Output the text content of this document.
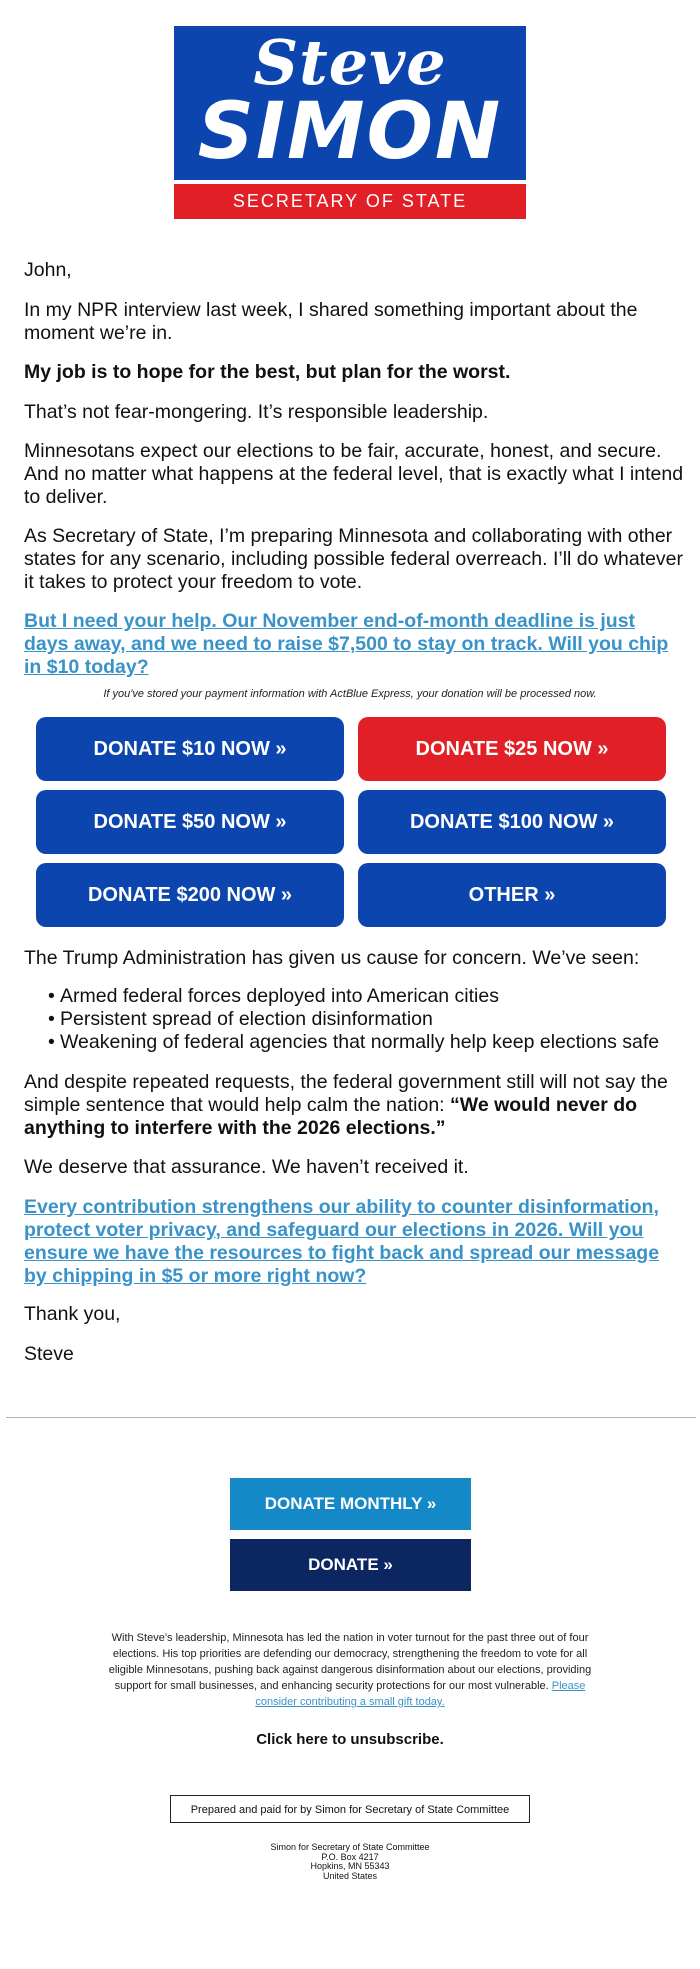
Steve
SIMON
SECRETARY OF STATE

John,

In my NPR interview last week, I shared something important about the moment we’re in.

My job is to hope for the best, but plan for the worst.

That’s not fear-mongering. It’s responsible leadership.

Minnesotans expect our elections to be fair, accurate, honest, and secure. And no matter what happens at the federal level, that is exactly what I intend to deliver.

As Secretary of State, I’m preparing Minnesota and collaborating with other states for any scenario, including possible federal overreach. I’ll do whatever it takes to protect your freedom to vote.

But I need your help. Our November end-of-month deadline is just days away, and we need to raise $7,500 to stay on track. Will you chip in $10 today?

If you've stored your payment information with ActBlue Express, your donation will be processed now.
DONATE $10 NOW »	DONATE $25 NOW »
DONATE $50 NOW »	DONATE $100 NOW »
DONATE $200 NOW »	OTHER »

The Trump Administration has given us cause for concern. We’ve seen:

• Armed federal forces deployed into American cities
• Persistent spread of election disinformation
• Weakening of federal agencies that normally help keep elections safe

And despite repeated requests, the federal government still will not say the simple sentence that would help calm the nation: “We would never do anything to interfere with the 2026 elections.”

We deserve that assurance. We haven’t received it.

Every contribution strengthens our ability to counter disinformation, protect voter privacy, and safeguard our elections in 2026. Will you ensure we have the resources to fight back and spread our message by chipping in $5 or more right now?

Thank you,

Steve

DONATE MONTHLY »
DONATE »

With Steve’s leadership, Minnesota has led the nation in voter turnout for the past three out of four elections. His top priorities are defending our democracy, strengthening the freedom to vote for all eligible Minnesotans, pushing back against dangerous disinformation about our elections, providing support for small businesses, and enhancing security protections for our most vulnerable. Please consider contributing a small gift today.

Click here to unsubscribe.
Prepared and paid for by Simon for Secretary of State Committee
Simon for Secretary of State Committee
P.O. Box 4217
Hopkins, MN 55343
United States
